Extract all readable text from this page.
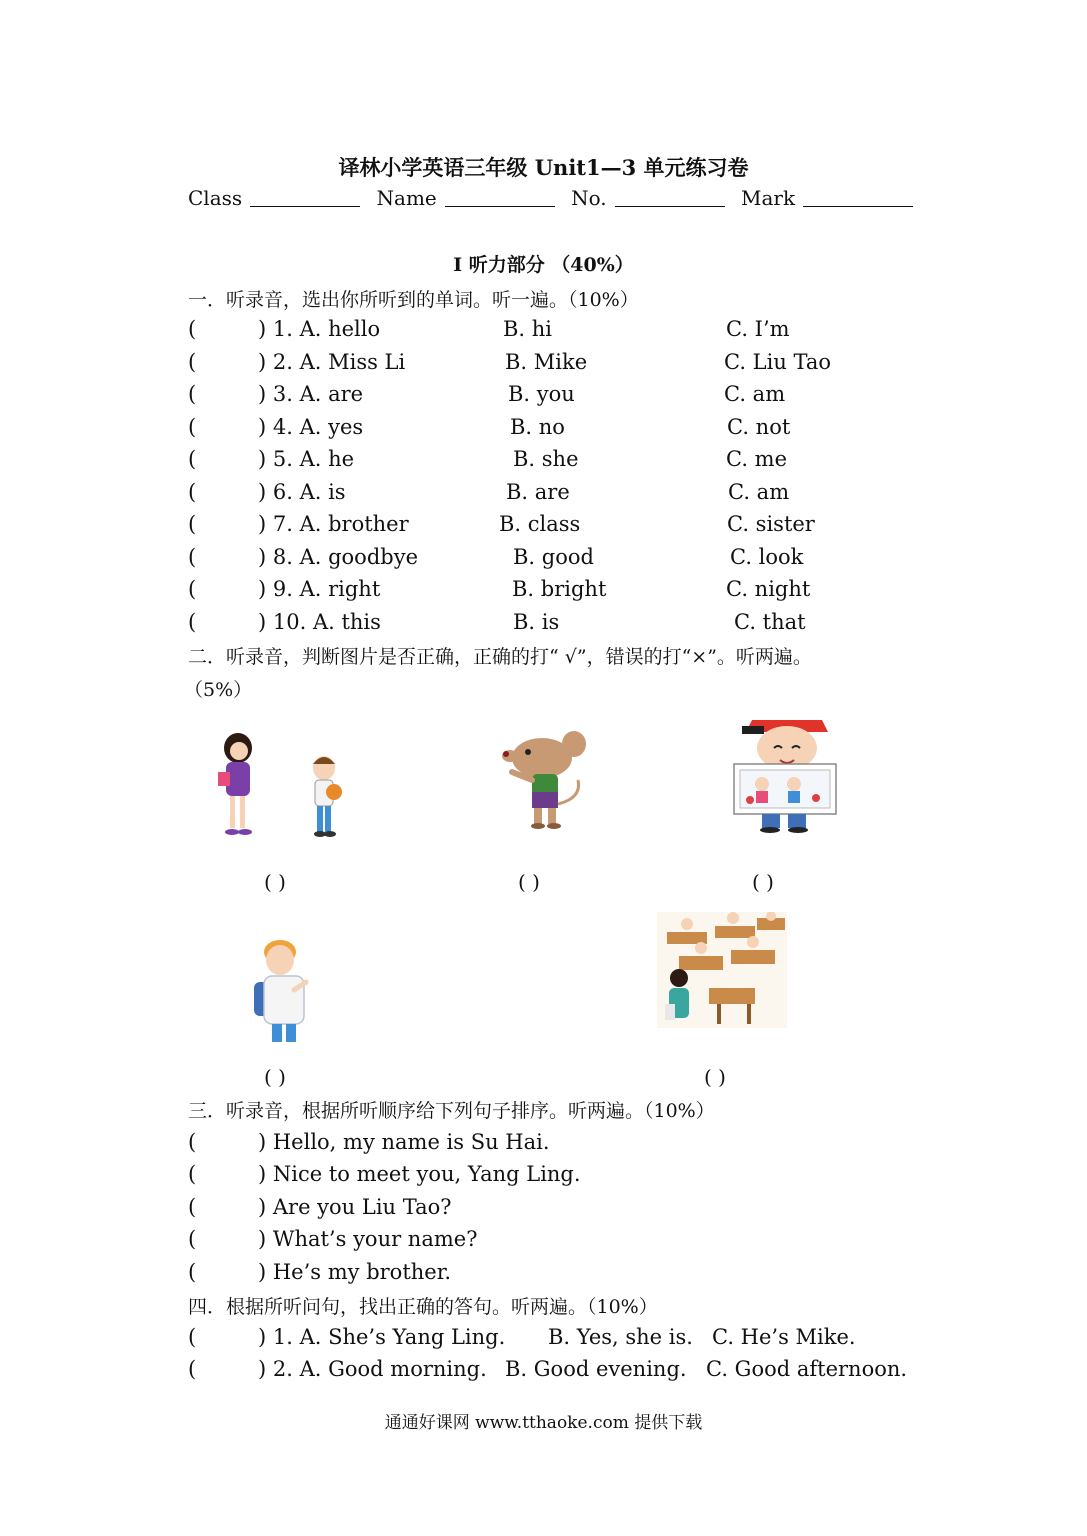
译林小学英语三年级 Unit1—3 单元练习卷
Class	Name	No.	Mark
I 听力部分 （40%）
一．听录音，选出你所听到的单词。听一遍。（10%）
(	) 1. A. hello	B. hi	C. I’m
(	) 2. A. Miss Li	B. Mike	C. Liu Tao
(	) 3. A. are	B. you	C. am
(	) 4. A. yes	B. no	C. not
(	) 5. A. he	B. she	C. me
(	) 6. A. is	B. are	C. am
(	) 7. A. brother	B. class	C. sister
(	) 8. A. goodbye	B. good	C. look
(	) 9. A. right	B. bright	C. night
(	) 10. A. this	B. is	C. that
二．听录音，判断图片是否正确，正确的打“ √”，错误的打“×”。听两遍。
（5%）
( )	( )	( )
( )	( )
三．听录音，根据所听顺序给下列句子排序。听两遍。（10%）
(	) Hello, my name is Su Hai.
(	) Nice to meet you, Yang Ling.
(	) Are you Liu Tao?
(	) What’s your name?
(	) He’s my brother.
四．根据所听问句，找出正确的答句。听两遍。（10%）
(	) 1. A. She’s Yang Ling. B. Yes, she is. C. He’s Mike.
(	) 2. A. Good morning. B. Good evening. C. Good afternoon.
通通好课网 www.tthaoke.com 提供下载
